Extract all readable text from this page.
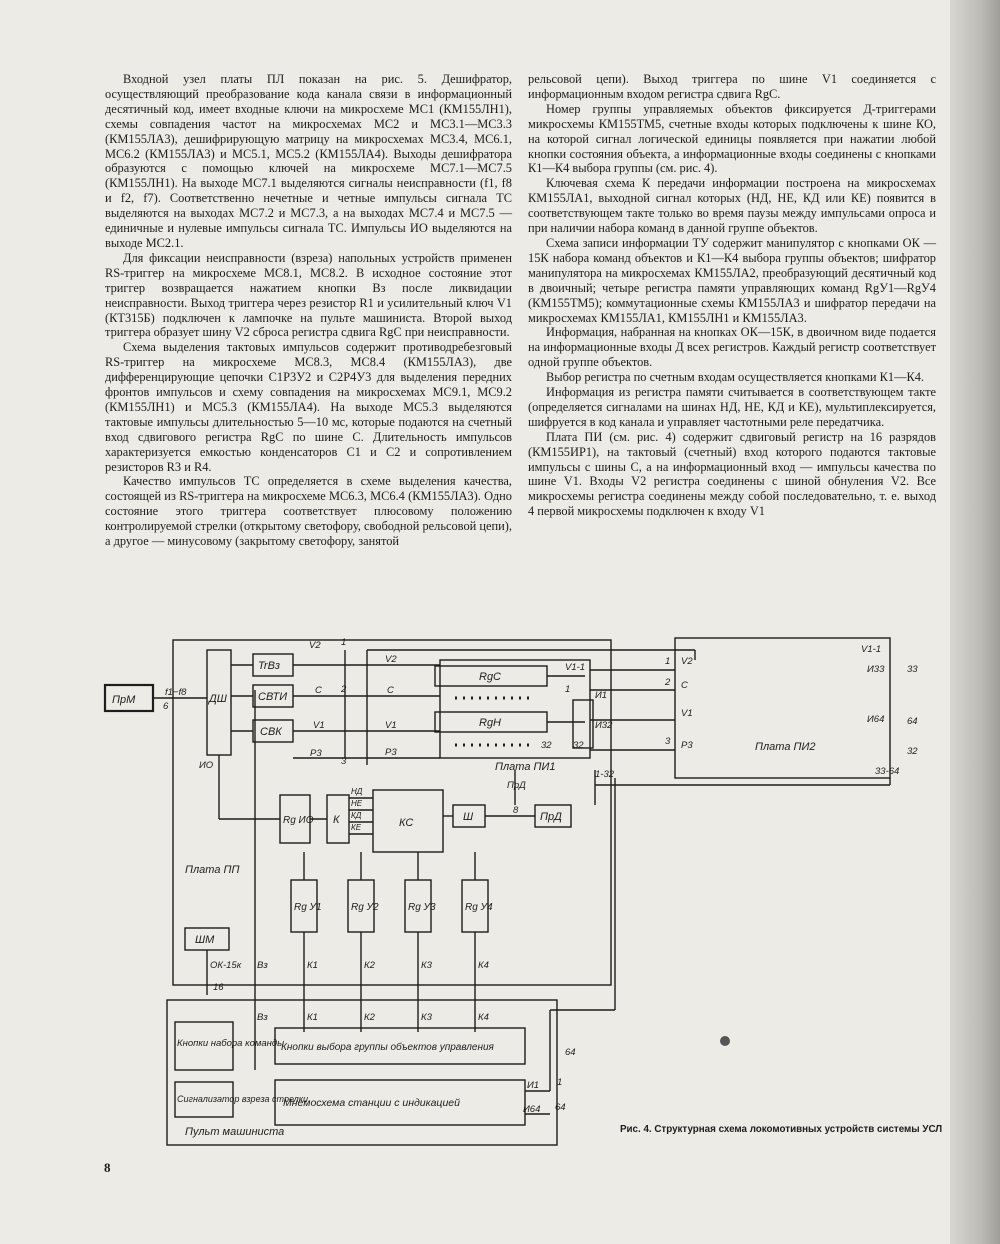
Входной узел платы ПЛ показан на рис. 5. Дешифратор, осуществляющий преобразование кода канала связи в информационный десятичный код, имеет входные ключи на микросхеме МС1 (КМ155ЛН1), схемы совпадения частот на микросхемах МС2 и МС3.1—МС3.3 (КМ155ЛА3), дешифрирующую матрицу на микросхемах МС3.4, МС6.1, МС6.2 (КМ155ЛА3) и МС5.1, МС5.2 (КМ155ЛА4). Выходы дешифратора образуются с помощью ключей на микросхеме МС7.1—МС7.5 (КМ155ЛН1). На выходе МС7.1 выделяются сигналы неисправности (f1, f8 и f2, f7). Соответственно нечетные и четные импульсы сигнала ТС выделяются на выходах МС7.2 и МС7.3, а на выходах МС7.4 и МС7.5 — единичные и нулевые импульсы сигнала ТС. Импульсы ИО выделяются на выходе МС2.1.

Для фиксации неисправности (взреза) напольных устройств применен RS-триггер на микросхеме МС8.1, МС8.2. В исходное состояние этот триггер возвращается нажатием кнопки Вз после ликвидации неисправности. Выход триггера через резистор R1 и усилительный ключ V1 (КТ315Б) подключен к лампочке на пульте машиниста. Второй выход триггера образует шину V2 сброса регистра сдвига RgC при неисправности.

Схема выделения тактовых импульсов содержит противодребезговый RS-триггер на микросхеме МС8.3, МС8.4 (КМ155ЛА3), две дифференцирующие цепочки С1Р3У2 и С2Р4У3 для выделения передних фронтов импульсов и схему совпадения на микросхемах МС9.1, МС9.2 (КМ155ЛН1) и МС5.3 (КМ155ЛА4). На выходе МС5.3 выделяются тактовые импульсы длительностью 5—10 мс, которые подаются на счетный вход сдвигового регистра RgC по шине С. Длительность импульсов характеризуется емкостью конденсаторов С1 и С2 и сопротивлением резисторов R3 и R4.

Качество импульсов ТС определяется в схеме выделения качества, состоящей из RS-триггера на микросхеме МС6.3, МС6.4 (КМ155ЛА3). Одно состояние этого триггера соответствует плюсовому положению контролируемой стрелки (открытому светофору, свободной рельсовой цепи), а другое — минусовому (закрытому светофору, занятой

рельсовой цепи). Выход триггера по шине V1 соединяется с информационным входом регистра сдвига RgC.

Номер группы управляемых объектов фиксируется Д-триггерами микросхемы КМ155ТМ5, счетные входы которых подключены к шине КО, на которой сигнал логической единицы появляется при нажатии любой кнопки состояния объекта, а информационные входы соединены с кнопками К1—К4 выбора группы (см. рис. 4).

Ключевая схема К передачи информации построена на микросхемах КМ155ЛА1, выходной сигнал которых (НД, НЕ, КД или КЕ) появится в соответствующем такте только во время паузы между импульсами опроса и при наличии набора команд в данной группе объектов.

Схема записи информации ТУ содержит манипулятор с кнопками ОК — 15К набора команд объектов и К1—К4 выбора группы объектов; шифратор манипулятора на микросхемах КМ155ЛА2, преобразующий десятичный код в двоичный; четыре регистра памяти управляющих команд RgУ1—RgУ4 (КМ155ТМ5); коммутационные схемы КМ155ЛА3 и шифратор передачи на микросхемах КМ155ЛА1, КМ155ЛН1 и КМ155ЛА3.

Информация, набранная на кнопках ОК—15К, в двоичном виде подается на информационные входы Д всех регистров. Каждый регистр соответствует одной группе объектов.

Выбор регистра по счетным входам осуществляется кнопками К1—К4.

Информация из регистра памяти считывается в соответствующем такте (определяется сигналами на шинах НД, НЕ, КД и КЕ), мультиплексируется, шифруется в код канала и управляет частотными реле передатчика.

Плата ПИ (см. рис. 4) содержит сдвиговый регистр на 16 разрядов (КМ155ИР1), на тактовый (счетный) вход которого подаются тактовые импульсы с шины С, а на информационный вход — импульсы качества по шине V1. Входы V2 регистра соединены с шиной обнуления V2. Все микросхемы регистра соединены между собой последовательно, т. е. выход 4 первой микросхемы подключен к входу V1

ПрМ	ДШ
TrВз
СВТИ
СВК
RgC
RgН
Rg ИО К	КС	Ш	ПрД
Rg У1	Rg У2	Rg У3	Rg У4
ШМ
Кнопки набора команды
Кнопки выбора группы объектов управления
Сигнализатор взреза стрелки
Мнемосхема станции с индикацией
Плата ПИ1
Плата ПИ2
Плата ПП
Пульт машиниста
f1−f8
6
ИО
V2 1
С 2
V1
Р3
3
V2
С
V1
Р3
V1-1
И1
И32
32 32
1-32
1
НД
НЕ
КД
КЕ
ПрД
8
ОК-15к Вз
Вз
К1	К2	К3	К4
К1	К2	К3	К4
16
V2
С
V1
Р3
1
2
3
V1-1
И33
И64
33
64
32
33-64
И1
И64
1
64
64
Рис. 4. Структурная схема локомотивных устройств системы УСЛ
8
